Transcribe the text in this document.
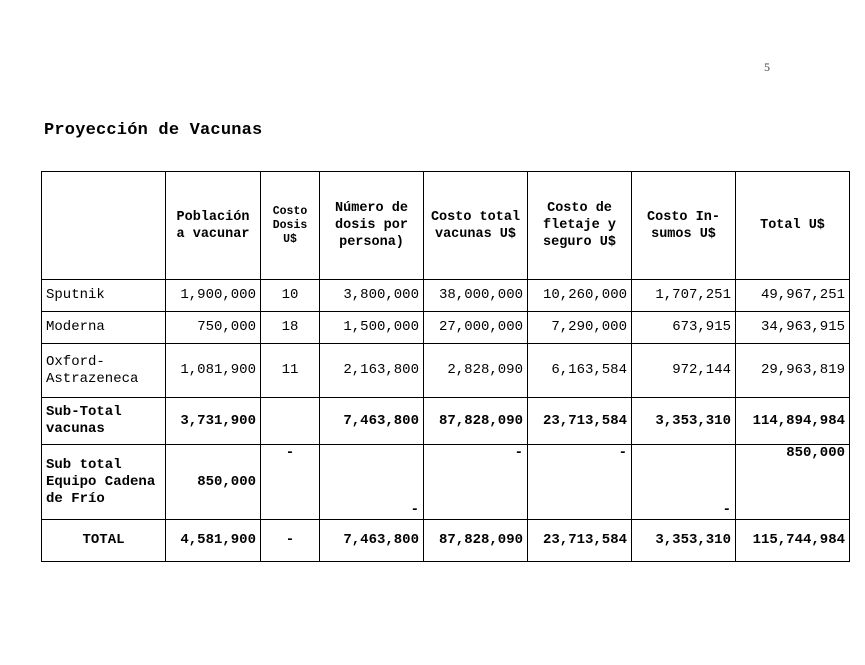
5
Proyección de Vacunas
	Población a vacunar	Costo Dosis U$	Número de dosis por persona)	Costo total vacunas U$	Costo de fletaje y seguro U$	Costo In- sumos U$	Total U$
Sputnik	1,900,000	10	3,800,000	38,000,000	10,260,000	1,707,251	49,967,251
Moderna	750,000	18	1,500,000	27,000,000	7,290,000	673,915	34,963,915
Oxford-Astrazeneca	1,081,900	11	2,163,800	2,828,090	6,163,584	972,144	29,963,819
Sub-Total vacunas	3,731,900		7,463,800	87,828,090	23,713,584	3,353,310	114,894,984
Sub total Equipo Cadena de Frío	850,000	-	-	-	-	-	850,000
TOTAL	4,581,900	-	7,463,800	87,828,090	23,713,584	3,353,310	115,744,984
